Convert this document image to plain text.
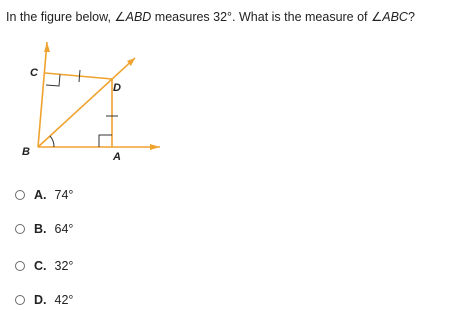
In the figure below, ∠ABD measures 32°. What is the measure of ∠ABC?
C
D
B	A
A. 74°
B. 64°
C. 32°
D. 42°
